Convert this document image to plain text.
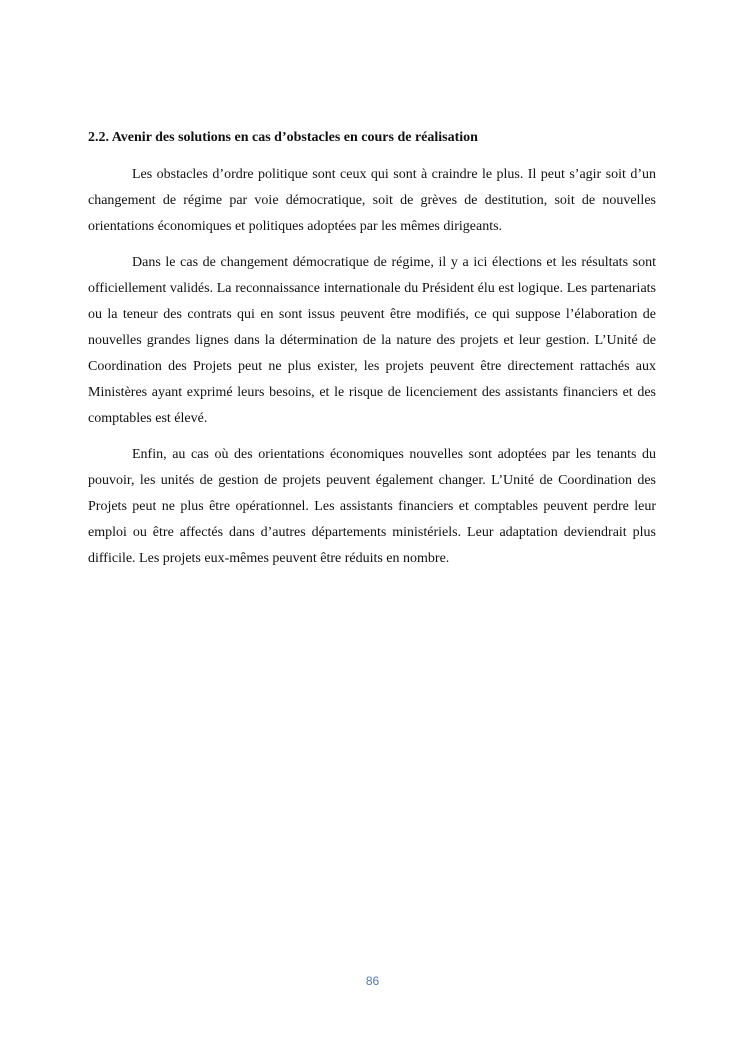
2.2. Avenir des solutions en cas d’obstacles en cours de réalisation

Les obstacles d’ordre politique sont ceux qui sont à craindre le plus. Il peut s’agir soit d’un changement de régime par voie démocratique, soit de grèves de destitution, soit de nouvelles orientations économiques et politiques adoptées par les mêmes dirigeants.

Dans le cas de changement démocratique de régime, il y a ici élections et les résultats sont officiellement validés. La reconnaissance internationale du Président élu est logique. Les partenariats ou la teneur des contrats qui en sont issus peuvent être modifiés, ce qui suppose l’élaboration de nouvelles grandes lignes dans la détermination de la nature des projets et leur gestion. L’Unité de Coordination des Projets peut ne plus exister, les projets peuvent être directement rattachés aux Ministères ayant exprimé leurs besoins, et le risque de licenciement des assistants financiers et des comptables est élevé.

Enfin, au cas où des orientations économiques nouvelles sont adoptées par les tenants du pouvoir, les unités de gestion de projets peuvent également changer. L’Unité de Coordination des Projets peut ne plus être opérationnel. Les assistants financiers et comptables peuvent perdre leur emploi ou être affectés dans d’autres départements ministériels. Leur adaptation deviendrait plus difficile. Les projets eux-mêmes peuvent être réduits en nombre.

86
